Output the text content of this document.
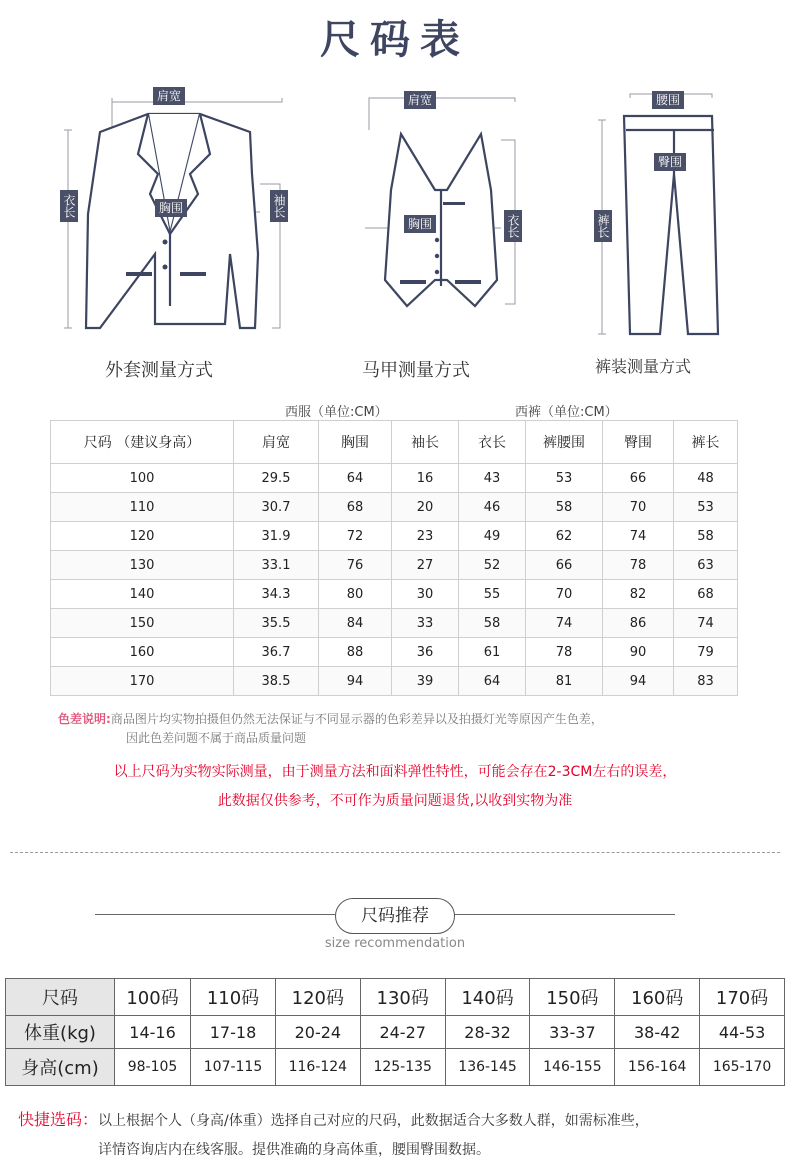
尺码表
肩宽
胸围
衣长	袖长
外套测量方式
肩宽
胸围	衣长
马甲测量方式
腰围
臀围
裤长
裤装测量方式
西服（单位:CM）	西裤（单位:CM）
尺码 （建议身高）	肩宽	胸围	袖长	衣长	裤腰围	臀围	裤长
100	29.5	64	16	43	53	66	48
110	30.7	68	20	46	58	70	53
120	31.9	72	23	49	62	74	58
130	33.1	76	27	52	66	78	63
140	34.3	80	30	55	70	82	68
150	35.5	84	33	58	74	86	74
160	36.7	88	36	61	78	90	79
170	38.5	94	39	64	81	94	83
色差说明:商品图片均实物拍摄但仍然无法保证与不同显示器的色彩差异以及拍摄灯光等原因产生色差，
因此色差问题不属于商品质量问题
以上尺码为实物实际测量，由于测量方法和面料弹性特性，可能会存在2-3CM左右的误差，
此数据仅供参考，不可作为质量问题退货,以收到实物为准
尺码推荐
size recommendation
尺码	100码	110码	120码	130码	140码	150码	160码	170码
体重(kg)	14-16	17-18	20-24	24-27	28-32	33-37	38-42	44-53
身高(cm)	98-105	107-115	116-124	125-135	136-145	146-155	156-164	165-170
快捷选码：以上根据个人（身高/体重）选择自己对应的尺码，此数据适合大多数人群，如需标准些，
详情咨询店内在线客服。提供准确的身高体重，腰围臀围数据。
